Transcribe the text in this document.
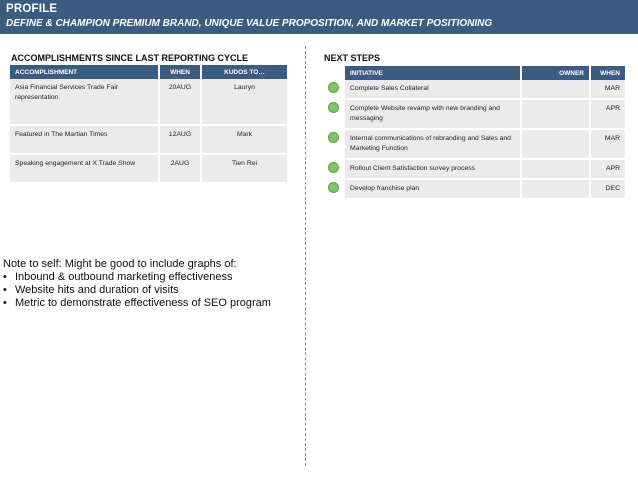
PROFILE
DEFINE & CHAMPION PREMIUM BRAND, UNIQUE VALUE PROPOSITION, AND MARKET POSITIONING
ACCOMPLISHMENTS SINCE LAST REPORTING CYCLE
ACCOMPLISHMENT	WHEN	KUDOS TO…
Asia Financial Services Trade Fair representation	20AUG	Lauryn
Featured in The Martian Times	12AUG	Mark
Speaking engagement at X Trade Show	2AUG	Tien Rei
NEXT STEPS
	INITIATIVE	OWNER	WHEN
	Complete Sales Collateral		MAR
	Complete Website revamp with new branding and messaging		APR
	Internal communications of rebranding and Sales and Marketing Function		MAR
	Rollout Client Satisfaction survey process		APR
	Develop franchise plan		DEC
Note to self: Might be good to include graphs of:
• Inbound & outbound marketing effectiveness
• Website hits and duration of visits
• Metric to demonstrate effectiveness of SEO program
